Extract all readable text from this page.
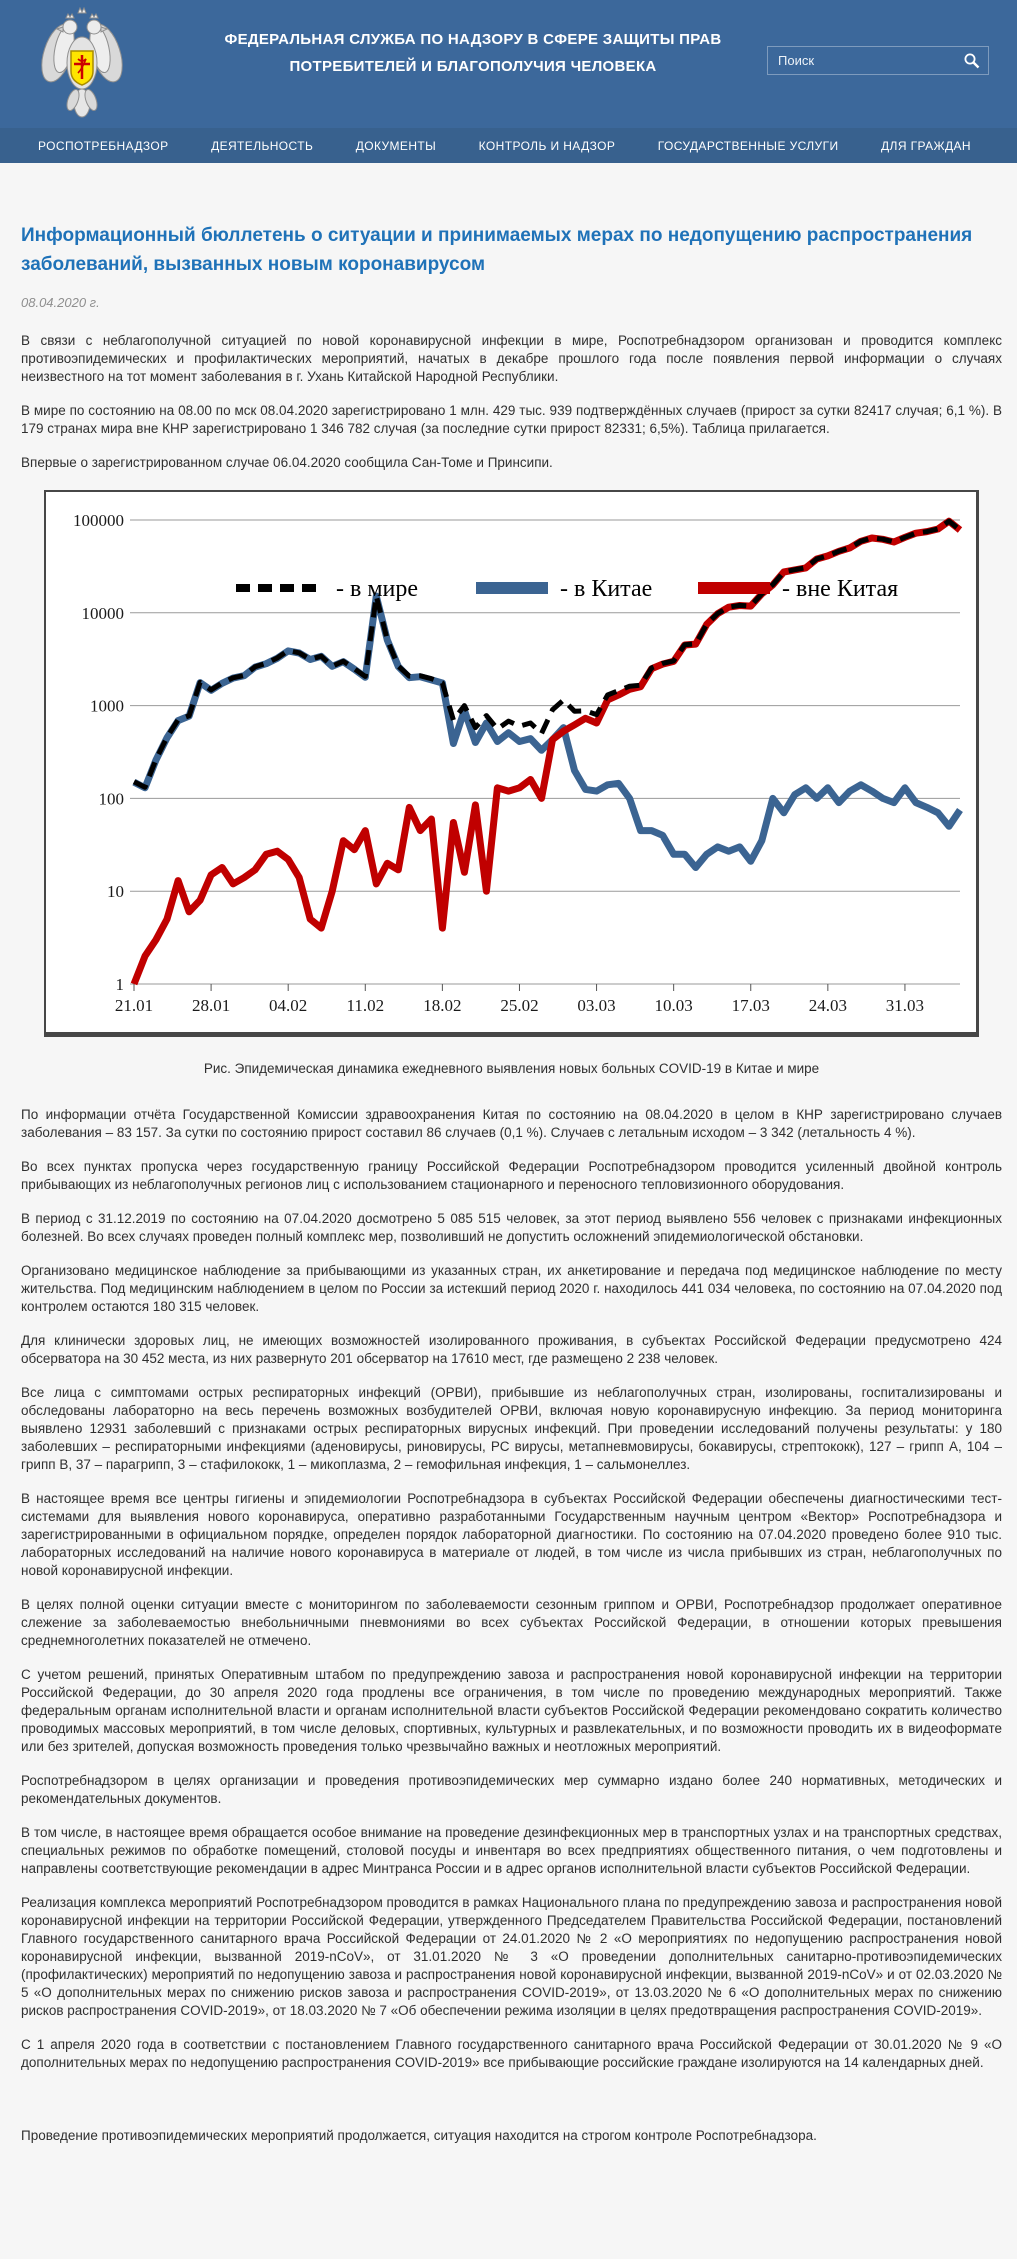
ФЕДЕРАЛЬНАЯ СЛУЖБА ПО НАДЗОРУ В СФЕРЕ ЗАЩИТЫ ПРАВ
ПОТРЕБИТЕЛЕЙ И БЛАГОПОЛУЧИЯ ЧЕЛОВЕКА
Поиск
РОСПОТРЕБНАДЗОР	ДЕЯТЕЛЬНОСТЬ	ДОКУМЕНТЫ	КОНТРОЛЬ И НАДЗОР	ГОСУДАРСТВЕННЫЕ УСЛУГИ	ДЛЯ ГРАЖДАН
Информационный бюллетень о ситуации и принимаемых мерах по недопущению распространения заболеваний, вызванных новым коронавирусом
08.04.2020 г.

В связи с неблагополучной ситуацией по новой коронавирусной инфекции в мире, Роспотребнадзором организован и проводится комплекс противоэпидемических и профилактических мероприятий, начатых в декабре прошлого года после появления первой информации о случаях неизвестного на тот момент заболевания в г. Ухань Китайской Народной Республики.

В мире по состоянию на 08.00 по мск 08.04.2020 зарегистрировано 1 млн. 429 тыс. 939 подтверждённых случаев (прирост за сутки 82417 случая; 6,1 %). В 179 странах мира вне КНР зарегистрировано 1 346 782 случая (за последние сутки прирост 82331; 6,5%). Таблица прилагается.

Впервые о зарегистрированном случае 06.04.2020 сообщила Сан-Томе и Принсипи.

100000
10000
1000
100
10
1
21.01 28.01 04.02 11.02 18.02 25.02 03.03 10.03 17.03 24.03 31.03
- в мире	- в Китае	- вне Китая
Рис. Эпидемическая динамика ежедневного выявления новых больных COVID-19 в Китае и мире

По информации отчёта Государственной Комиссии здравоохранения Китая по состоянию на 08.04.2020 в целом в КНР зарегистрировано случаев заболевания – 83 157. За сутки по состоянию прирост составил 86 случаев (0,1 %). Случаев с летальным исходом – 3 342 (летальность 4 %).

Во всех пунктах пропуска через государственную границу Российской Федерации Роспотребнадзором проводится усиленный двойной контроль прибывающих из неблагополучных регионов лиц с использованием стационарного и переносного тепловизионного оборудования.

В период с 31.12.2019 по состоянию на 07.04.2020 досмотрено 5 085 515 человек, за этот период выявлено 556 человек с признаками инфекционных болезней. Во всех случаях проведен полный комплекс мер, позволивший не допустить осложнений эпидемиологической обстановки.

Организовано медицинское наблюдение за прибывающими из указанных стран, их анкетирование и передача под медицинское наблюдение по месту жительства. Под медицинским наблюдением в целом по России за истекший период 2020 г. находилось 441 034 человека, по состоянию на 07.04.2020 под контролем остаются 180 315 человек.

Для клинически здоровых лиц, не имеющих возможностей изолированного проживания, в субъектах Российской Федерации предусмотрено 424 обсерватора на 30 452 места, из них развернуто 201 обсерватор на 17610 мест, где размещено 2 238 человек.

Все лица с симптомами острых респираторных инфекций (ОРВИ), прибывшие из неблагополучных стран, изолированы, госпитализированы и обследованы лабораторно на весь перечень возможных возбудителей ОРВИ, включая новую коронавирусную инфекцию. За период мониторинга выявлено 12931 заболевший с признаками острых респираторных вирусных инфекций. При проведении исследований получены результаты: у 180 заболевших – респираторными инфекциями (аденовирусы, риновирусы, РС вирусы, метапневмовирусы, бокавирусы, стрептококк), 127 – грипп А, 104 – грипп В, 37 – парагрипп, 3 – стафилококк, 1 – микоплазма, 2 – гемофильная инфекция, 1 – сальмонеллез.

В настоящее время все центры гигиены и эпидемиологии Роспотребнадзора в субъектах Российской Федерации обеспечены диагностическими тест-системами для выявления нового коронавируса, оперативно разработанными Государственным научным центром «Вектор» Роспотребнадзора и зарегистрированными в официальном порядке, определен порядок лабораторной диагностики. По состоянию на 07.04.2020 проведено более 910 тыс. лабораторных исследований на наличие нового коронавируса в материале от людей, в том числе из числа прибывших из стран, неблагополучных по новой коронавирусной инфекции.

В целях полной оценки ситуации вместе с мониторингом по заболеваемости сезонным гриппом и ОРВИ, Роспотребнадзор продолжает оперативное слежение за заболеваемостью внебольничными пневмониями во всех субъектах Российской Федерации, в отношении которых превышения среднемноголетних показателей не отмечено.

С учетом решений, принятых Оперативным штабом по предупреждению завоза и распространения новой коронавирусной инфекции на территории Российской Федерации, до 30 апреля 2020 года продлены все ограничения, в том числе по проведению международных мероприятий. Также федеральным органам исполнительной власти и органам исполнительной власти субъектов Российской Федерации рекомендовано сократить количество проводимых массовых мероприятий, в том числе деловых, спортивных, культурных и развлекательных, и по возможности проводить их в видеоформате или без зрителей, допуская возможность проведения только чрезвычайно важных и неотложных мероприятий.

Роспотребнадзором в целях организации и проведения противоэпидемических мер суммарно издано более 240 нормативных, методических и рекомендательных документов.

В том числе, в настоящее время обращается особое внимание на проведение дезинфекционных мер в транспортных узлах и на транспортных средствах, специальных режимов по обработке помещений, столовой посуды и инвентаря во всех предприятиях общественного питания, о чем подготовлены и направлены соответствующие рекомендации в адрес Минтранса России и в адрес органов исполнительной власти субъектов Российской Федерации.

Реализация комплекса мероприятий Роспотребнадзором проводится в рамках Национального плана по предупреждению завоза и распространения новой коронавирусной инфекции на территории Российской Федерации, утвержденного Председателем Правительства Российской Федерации, постановлений Главного государственного санитарного врача Российской Федерации от 24.01.2020 № 2 «О мероприятиях по недопущению распространения новой коронавирусной инфекции, вызванной 2019-nCoV», от 31.01.2020 № 3 «О проведении дополнительных санитарно-противоэпидемических (профилактических) мероприятий по недопущению завоза и распространения новой коронавирусной инфекции, вызванной 2019-nCoV» и от 02.03.2020 № 5 «О дополнительных мерах по снижению рисков завоза и распространения COVID-2019», от 13.03.2020 № 6 «О дополнительных мерах по снижению рисков распространения COVID-2019», от 18.03.2020 № 7 «Об обеспечении режима изоляции в целях предотвращения распространения COVID-2019».

С 1 апреля 2020 года в соответствии с постановлением Главного государственного санитарного врача Российской Федерации от 30.01.2020 № 9 «О дополнительных мерах по недопущению распространения COVID-2019» все прибывающие российские граждане изолируются на 14 календарных дней.

Проведение противоэпидемических мероприятий продолжается, ситуация находится на строгом контроле Роспотребнадзора.
